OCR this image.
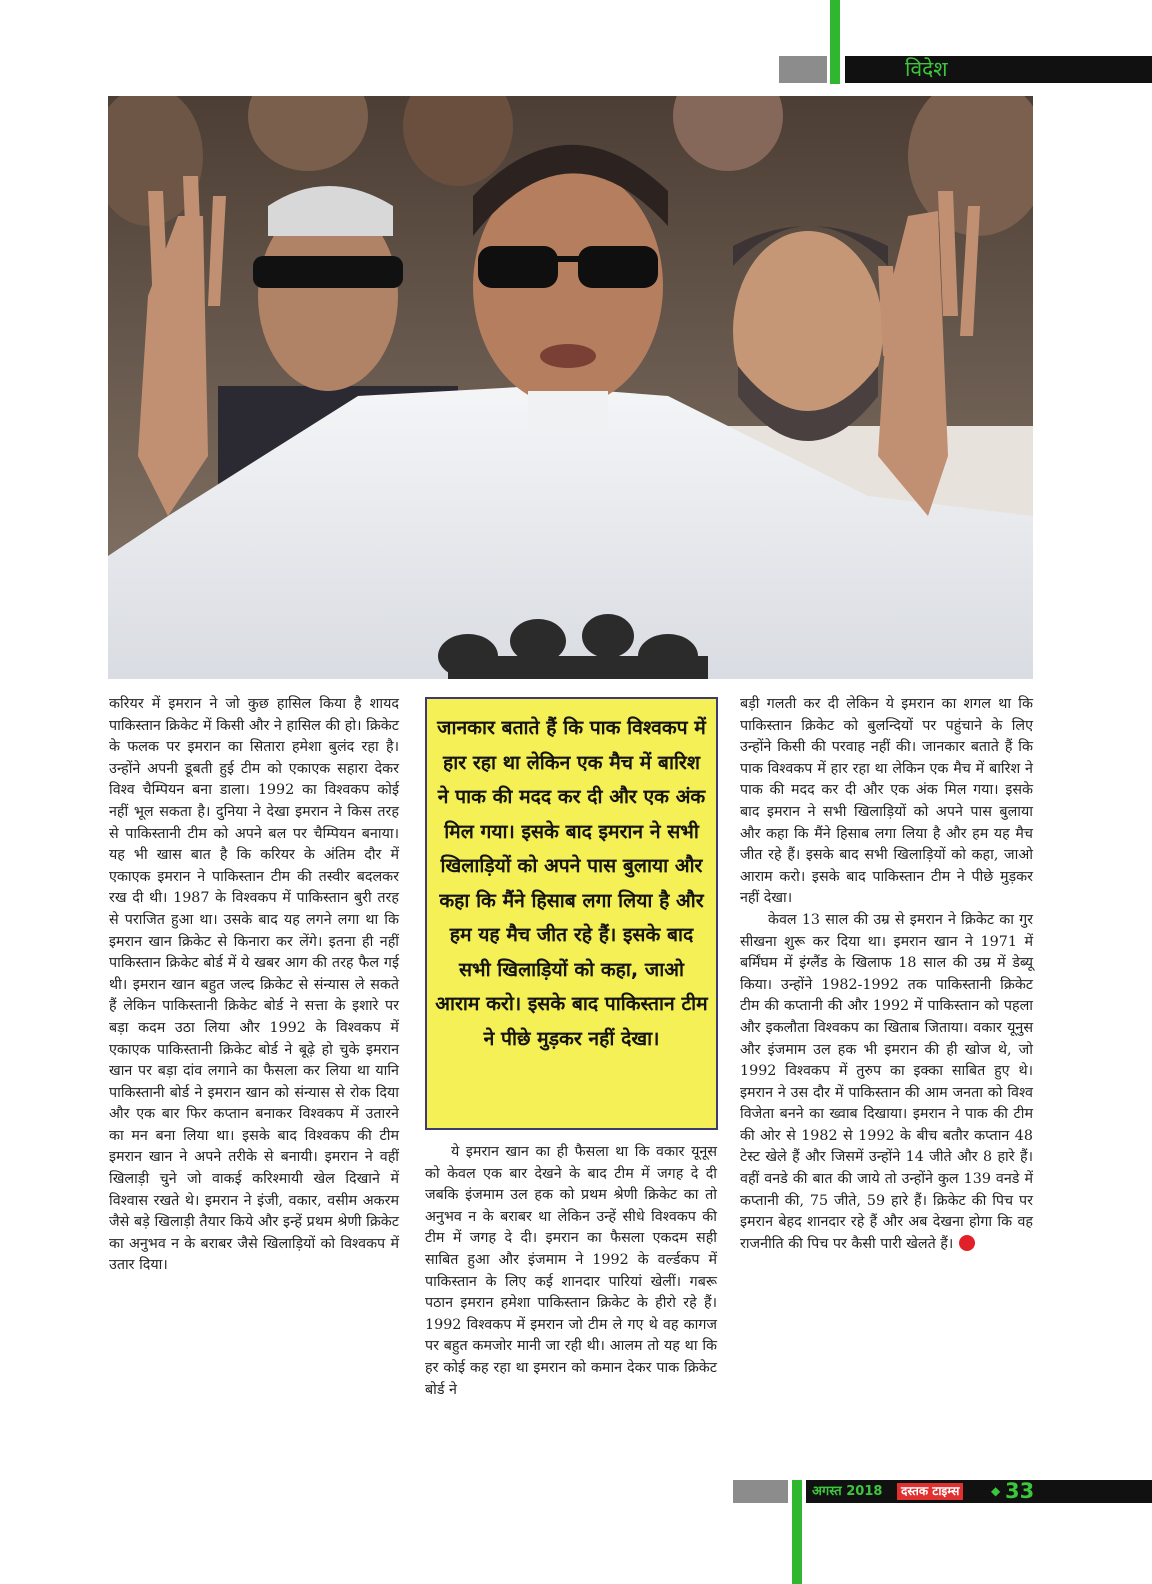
विदेश

करियर में इमरान ने जो कुछ हासिल किया है शायद पाकिस्तान क्रिकेट में किसी और ने हासिल की हो। क्रिकेट के फलक पर इमरान का सितारा हमेशा बुलंद रहा है। उन्होंने अपनी डूबती हुई टीम को एकाएक सहारा देकर विश्व चैम्पियन बना डाला। 1992 का विश्वकप कोई नहीं भूल सकता है। दुनिया ने देखा इमरान ने किस तरह से पाकिस्तानी टीम को अपने बल पर चैम्पियन बनाया। यह भी खास बात है कि करियर के अंतिम दौर में एकाएक इमरान ने पाकिस्तान टीम की तस्वीर बदलकर रख दी थी। 1987 के विश्वकप में पाकिस्तान बुरी तरह से पराजित हुआ था। उसके बाद यह लगने लगा था कि इमरान खान क्रिकेट से किनारा कर लेंगे। इतना ही नहीं पाकिस्तान क्रिकेट बोर्ड में ये खबर आग की तरह फैल गई थी। इमरान खान बहुत जल्द क्रिकेट से संन्यास ले सकते हैं लेकिन पाकिस्तानी क्रिकेट बोर्ड ने सत्ता के इशारे पर बड़ा कदम उठा लिया और 1992 के विश्वकप में एकाएक पाकिस्तानी क्रिकेट बोर्ड ने बूढ़े हो चुके इमरान खान पर बड़ा दांव लगाने का फैसला कर लिया था यानि पाकिस्तानी बोर्ड ने इमरान खान को संन्यास से रोक दिया और एक बार फिर कप्तान बनाकर विश्वकप में उतारने का मन बना लिया था। इसके बाद विश्वकप की टीम इमरान खान ने अपने तरीके से बनायी। इमरान ने वहीं खिलाड़ी चुने जो वाकई करिश्मायी खेल दिखाने में विश्वास रखते थे। इमरान ने इंजी, वकार, वसीम अकरम जैसे बड़े खिलाड़ी तैयार किये और इन्हें प्रथम श्रेणी क्रिकेट का अनुभव न के बराबर जैसे खिलाड़ियों को विश्वकप में उतार दिया।

जानकार बताते हैं कि पाक विश्वकप में हार रहा था लेकिन एक मैच में बारिश ने पाक की मदद कर दी और एक अंक मिल गया। इसके बाद इमरान ने सभी खिलाड़ियों को अपने पास बुलाया और कहा कि मैंने हिसाब लगा लिया है और हम यह मैच जीत रहे हैं। इसके बाद सभी खिलाड़ियों को कहा, जाओ आराम करो। इसके बाद पाकिस्तान टीम ने पीछे मुड़कर नहीं देखा।

ये इमरान खान का ही फैसला था कि वकार यूनूस को केवल एक बार देखने के बाद टीम में जगह दे दी जबकि इंजमाम उल हक को प्रथम श्रेणी क्रिकेट का तो अनुभव न के बराबर था लेकिन उन्हें सीधे विश्वकप की टीम में जगह दे दी। इमरान का फैसला एकदम सही साबित हुआ और इंजमाम ने 1992 के वर्ल्डकप में पाकिस्तान के लिए कई शानदार पारियां खेलीं। गबरू पठान इमरान हमेशा पाकिस्तान क्रिकेट के हीरो रहे हैं। 1992 विश्वकप में इमरान जो टीम ले गए थे वह कागज पर बहुत कमजोर मानी जा रही थी। आलम तो यह था कि हर कोई कह रहा था इमरान को कमान देकर पाक क्रिकेट बोर्ड ने

बड़ी गलती कर दी लेकिन ये इमरान का शगल था कि पाकिस्तान क्रिकेट को बुलन्दियों पर पहुंचाने के लिए उन्होंने किसी की परवाह नहीं की। जानकार बताते हैं कि पाक विश्वकप में हार रहा था लेकिन एक मैच में बारिश ने पाक की मदद कर दी और एक अंक मिल गया। इसके बाद इमरान ने सभी खिलाड़ियों को अपने पास बुलाया और कहा कि मैंने हिसाब लगा लिया है और हम यह मैच जीत रहे हैं। इसके बाद सभी खिलाड़ियों को कहा, जाओ आराम करो। इसके बाद पाकिस्तान टीम ने पीछे मुड़कर नहीं देखा।

केवल 13 साल की उम्र से इमरान ने क्रिकेट का गुर सीखना शुरू कर दिया था। इमरान खान ने 1971 में बर्मिंघम में इंग्लैंड के खिलाफ 18 साल की उम्र में डेब्यू किया। उन्होंने 1982-1992 तक पाकिस्तानी क्रिकेट टीम की कप्तानी की और 1992 में पाकिस्तान को पहला और इकलौता विश्वकप का खिताब जिताया। वकार यूनुस और इंजमाम उल हक भी इमरान की ही खोज थे, जो 1992 विश्वकप में तुरुप का इक्का साबित हुए थे। इमरान ने उस दौर में पाकिस्तान की आम जनता को विश्व विजेता बनने का ख्वाब दिखाया। इमरान ने पाक की टीम की ओर से 1982 से 1992 के बीच बतौर कप्तान 48 टेस्ट खेले हैं और जिसमें उन्होंने 14 जीते और 8 हारे हैं। वहीं वनडे की बात की जाये तो उन्होंने कुल 139 वनडे में कप्तानी की, 75 जीते, 59 हारे हैं। क्रिकेट की पिच पर इमरान बेहद शानदार रहे हैं और अब देखना होगा कि वह राजनीति की पिच पर कैसी पारी खेलते हैं।

अगस्त 2018	दस्तक टाइम्स	◆ 33
